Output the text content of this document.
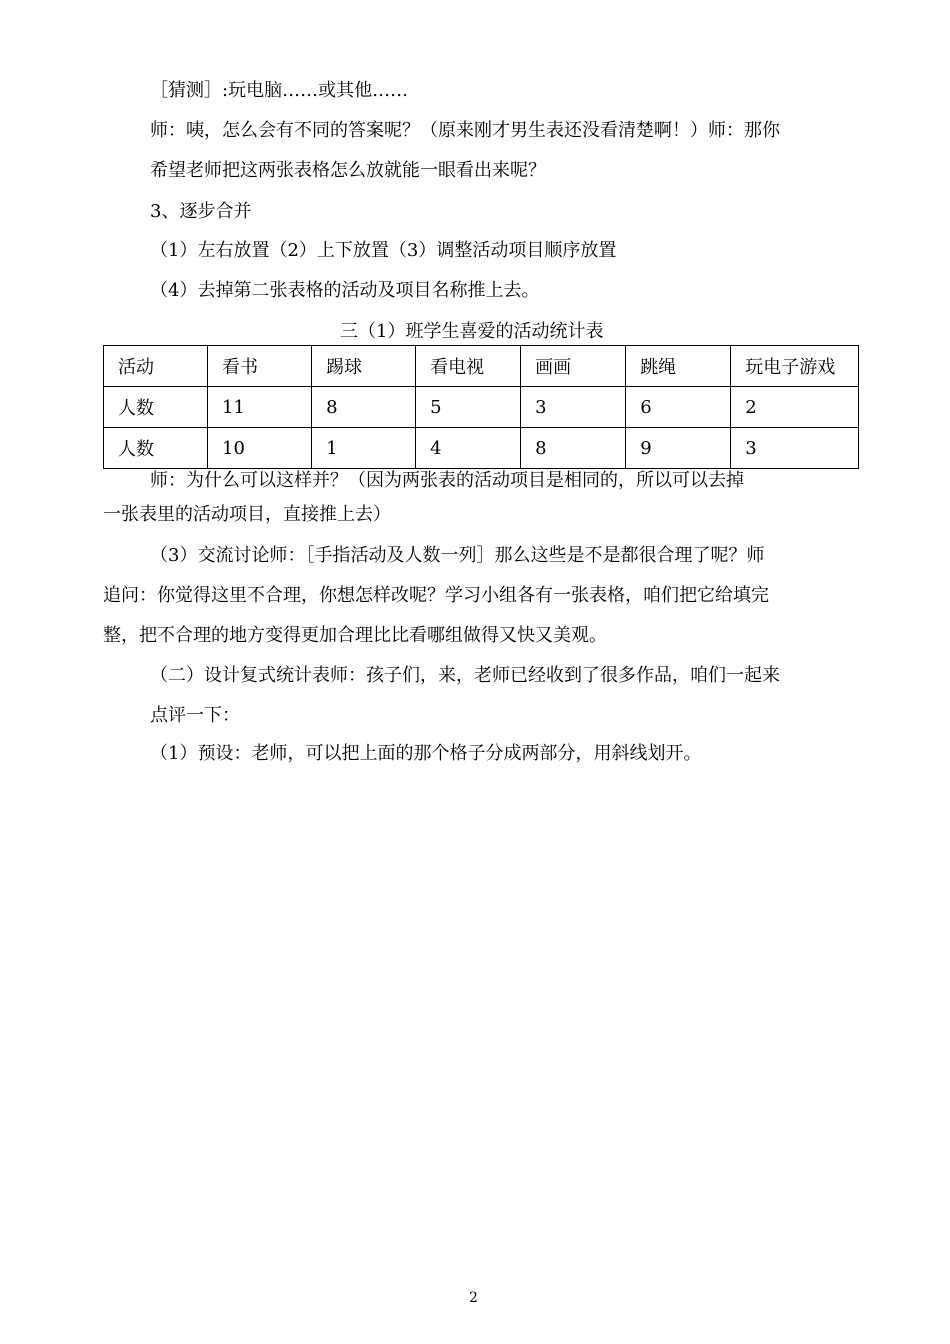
［猜测］:玩电脑……或其他……
师：咦，怎么会有不同的答案呢？（原来刚才男生表还没看清楚啊！）师：那你
希望老师把这两张表格怎么放就能一眼看出来呢？
3、逐步合并
（1）左右放置（2）上下放置（3）调整活动项目顺序放置
（4）去掉第二张表格的活动及项目名称推上去。
三（1）班学生喜爱的活动统计表
活动	看书	踢球	看电视	画画	跳绳	玩电子游戏
人数	11	8	5	3	6	2
人数	10	1	4	8	9	3
师：为什么可以这样并？（因为两张表的活动项目是相同的，所以可以去掉
一张表里的活动项目，直接推上去）
（3）交流讨论师：［手指活动及人数一列］那么这些是不是都很合理了呢？师
追问：你觉得这里不合理，你想怎样改呢？学习小组各有一张表格，咱们把它给填完
整，把不合理的地方变得更加合理比比看哪组做得又快又美观。
（二）设计复式统计表师：孩子们，来，老师已经收到了很多作品，咱们一起来
点评一下：
（1）预设：老师，可以把上面的那个格子分成两部分，用斜线划开。
2
